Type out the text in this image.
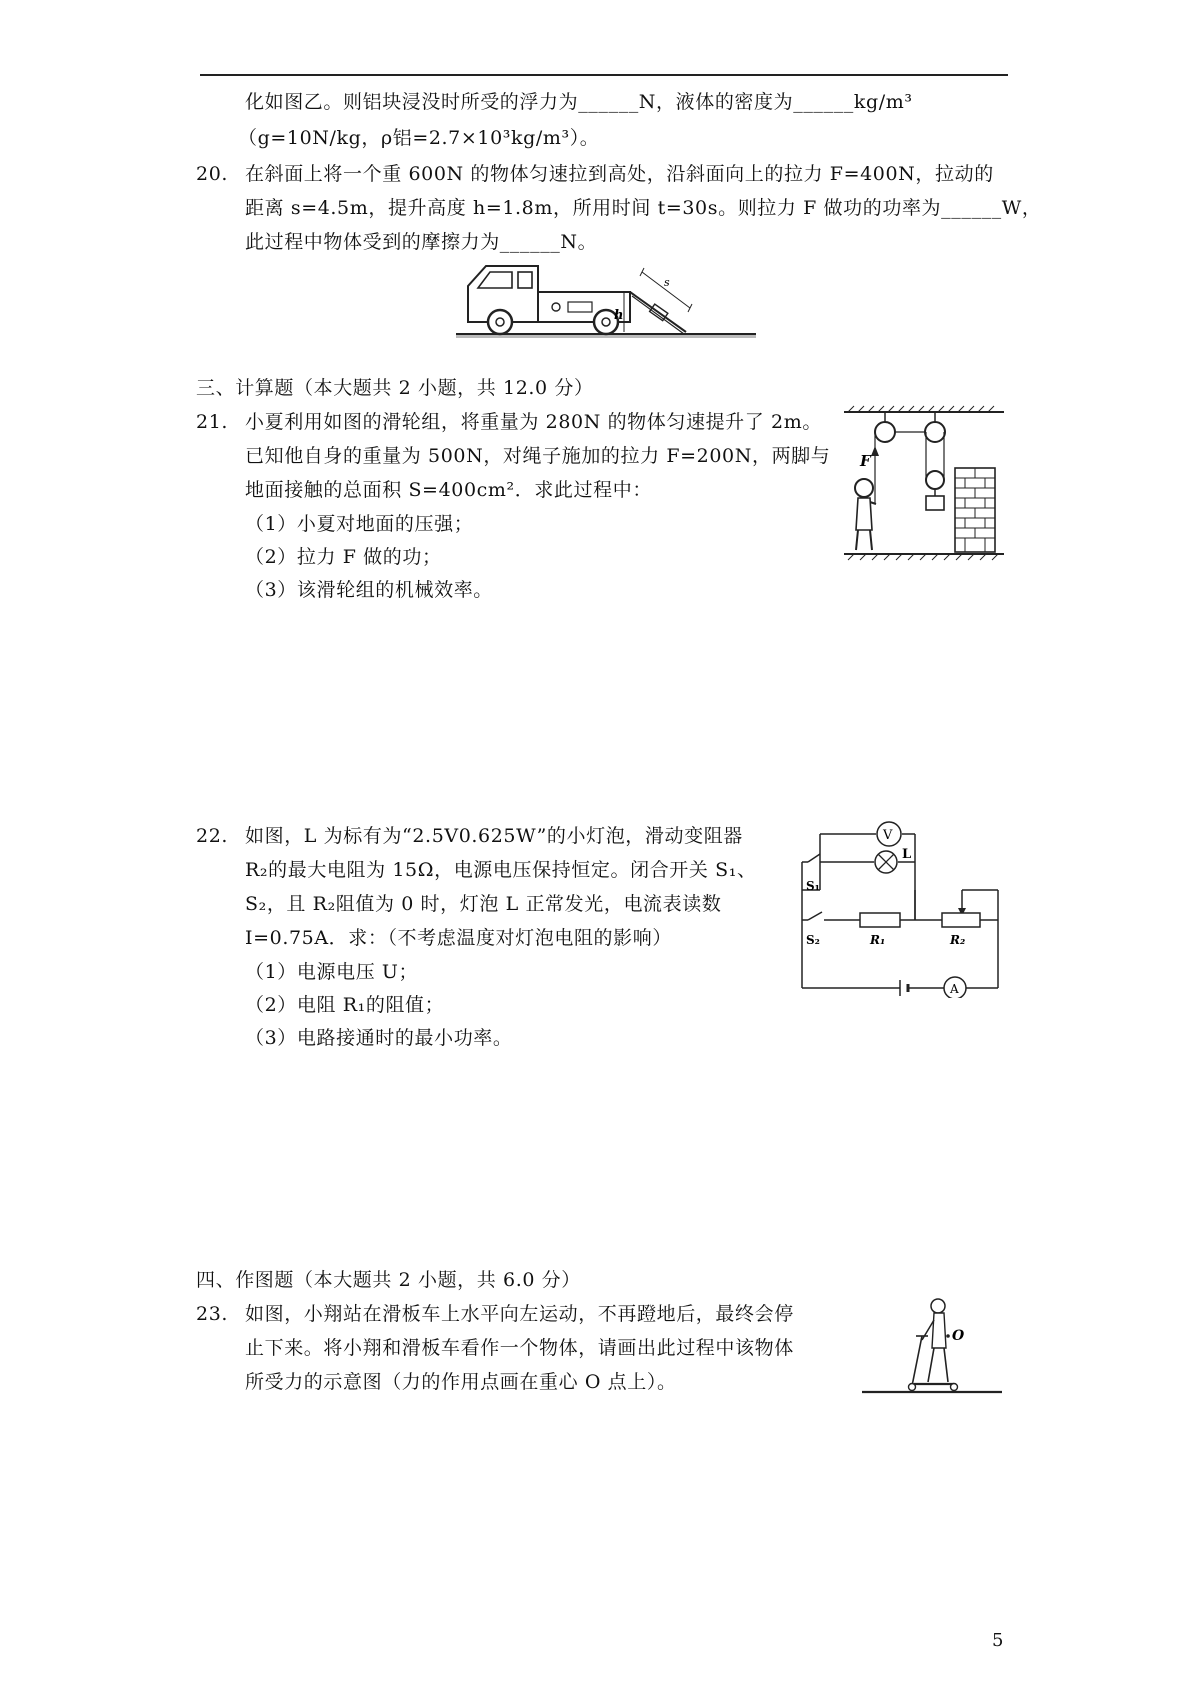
化如图乙。则铝块浸没时所受的浮力为______N，液体的密度为______kg/m³
（g=10N/kg，ρ铝=2.7×10³kg/m³）。
20. 在斜面上将一个重 600N 的物体匀速拉到高处，沿斜面向上的拉力 F=400N，拉动的
距离 s=4.5m，提升高度 h=1.8m，所用时间 t=30s。则拉力 F 做功的功率为______W，
此过程中物体受到的摩擦力为______N。
s
h
三、计算题（本大题共 2 小题，共 12.0 分）
21. 小夏利用如图的滑轮组，将重量为 280N 的物体匀速提升了 2m。
已知他自身的重量为 500N，对绳子施加的拉力 F=200N，两脚与
地面接触的总面积 S=400cm²．求此过程中：
（1）小夏对地面的压强；
（2）拉力 F 做的功；
（3）该滑轮组的机械效率。
F
22. 如图，L 为标有为“2.5V0.625W”的小灯泡，滑动变阻器
R₂的最大电阻为 15Ω，电源电压保持恒定。闭合开关 S₁、
S₂，且 R₂阻值为 0 时，灯泡 L 正常发光，电流表读数
I=0.75A．求：（不考虑温度对灯泡电阻的影响）
（1）电源电压 U；
（2）电阻 R₁的阻值；
（3）电路接通时的最小功率。
V
L
S₁
S₂	R₁	R₂
A
四、作图题（本大题共 2 小题，共 6.0 分）
23. 如图，小翔站在滑板车上水平向左运动，不再蹬地后，最终会停
止下来。将小翔和滑板车看作一个物体，请画出此过程中该物体
所受力的示意图（力的作用点画在重心 O 点上）。
O
5
